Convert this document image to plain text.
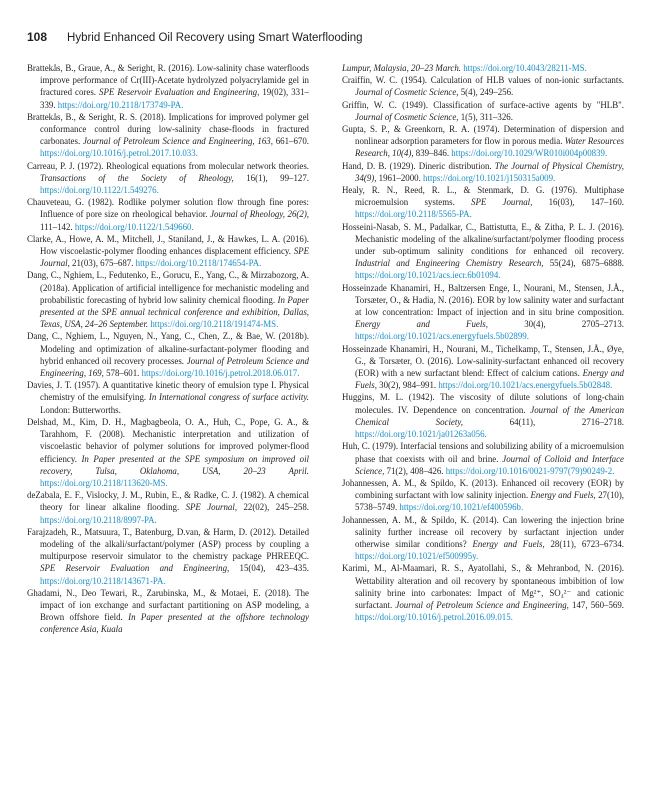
108 Hybrid Enhanced Oil Recovery using Smart Waterflooding

Brattekås, B., Graue, A., & Seright, R. (2016). Low-salinity chase waterfloods improve performance of Cr(III)-Acetate hydrolyzed polyacrylamide gel in fractured cores. SPE Reservoir Evaluation and Engineering, 19(02), 331–339. https://doi.org/10.2118/173749-PA.

Brattekås, B., & Seright, R. S. (2018). Implications for improved polymer gel conformance control during low-salinity chase-floods in fractured carbonates. Journal of Petroleum Science and Engineering, 163, 661–670. https://doi.org/10.1016/j.petrol.2017.10.033.

Carreau, P. J. (1972). Rheological equations from molecular network theories. Transactions of the Society of Rheology, 16(1), 99–127. https://doi.org/10.1122/1.549276.

Chauveteau, G. (1982). Rodlike polymer solution flow through fine pores: Influence of pore size on rheological behavior. Journal of Rheology, 26(2), 111–142. https://doi.org/10.1122/1.549660.

Clarke, A., Howe, A. M., Mitchell, J., Staniland, J., & Hawkes, L. A. (2016). How viscoelastic-polymer flooding enhances displacement efficiency. SPE Journal, 21(03), 675–687. https://doi.org/10.2118/174654-PA.

Dang, C., Nghiem, L., Fedutenko, E., Gorucu, E., Yang, C., & Mirzabozorg, A. (2018a). Application of artificial intelligence for mechanistic modeling and probabilistic forecasting of hybrid low salinity chemical flooding. In Paper presented at the SPE annual technical conference and exhibition, Dallas, Texas, USA, 24–26 September. https://doi.org/10.2118/191474-MS.

Dang, C., Nghiem, L., Nguyen, N., Yang, C., Chen, Z., & Bae, W. (2018b). Modeling and optimization of alkaline-surfactant-polymer flooding and hybrid enhanced oil recovery processes. Journal of Petroleum Science and Engineering, 169, 578–601. https://doi.org/10.1016/j.petrol.2018.06.017.

Davies, J. T. (1957). A quantitative kinetic theory of emulsion type I. Physical chemistry of the emulsifying. In International congress of surface activity. London: Butterworths.

Delshad, M., Kim, D. H., Magbagbeola, O. A., Huh, C., Pope, G. A., & Tarahhom, F. (2008). Mechanistic interpretation and utilization of viscoelastic behavior of polymer solutions for improved polymer-flood efficiency. In Paper presented at the SPE symposium on improved oil recovery, Tulsa, Oklahoma, USA, 20–23 April. https://doi.org/10.2118/113620-MS.

deZabala, E. F., Vislocky, J. M., Rubin, E., & Radke, C. J. (1982). A chemical theory for linear alkaline flooding. SPE Journal, 22(02), 245–258. https://doi.org/10.2118/8997-PA.

Farajzadeh, R., Matsuura, T., Batenburg, D.van, & Harm, D. (2012). Detailed modeling of the alkali/surfactant/polymer (ASP) process by coupling a multipurpose reservoir simulator to the chemistry package PHREEQC. SPE Reservoir Evaluation and Engineering, 15(04), 423–435. https://doi.org/10.2118/143671-PA.

Ghadami, N., Deo Tewari, R., Zarubinska, M., & Motaei, E. (2018). The impact of ion exchange and surfactant partitioning on ASP modeling, a Brown offshore field. In Paper presented at the offshore technology conference Asia, Kuala

Lumpur, Malaysia, 20–23 March. https://doi.org/10.4043/28211-MS.

Craiffin, W. C. (1954). Calculation of HLB values of non-ionic surfactants. Journal of Cosmetic Science, 5(4), 249–256.

Griffin, W. C. (1949). Classification of surface-active agents by "HLB". Journal of Cosmetic Science, 1(5), 311–326.

Gupta, S. P., & Greenkorn, R. A. (1974). Determination of dispersion and nonlinear adsorption parameters for flow in porous media. Water Resources Research, 10(4), 839–846. https://doi.org/10.1029/WR010i004p00839.

Hand, D. B. (1929). Dineric distribution. The Journal of Physical Chemistry, 34(9), 1961–2000. https://doi.org/10.1021/j150315a009.

Healy, R. N., Reed, R. L., & Stenmark, D. G. (1976). Multiphase microemulsion systems. SPE Journal, 16(03), 147–160. https://doi.org/10.2118/5565-PA.

Hosseini-Nasab, S. M., Padalkar, C., Battistutta, E., & Zitha, P. L. J. (2016). Mechanistic modeling of the alkaline/surfactant/polymer flooding process under sub-optimum salinity conditions for enhanced oil recovery. Industrial and Engineering Chemistry Research, 55(24), 6875–6888. https://doi.org/10.1021/acs.iecr.6b01094.

Hosseinzade Khanamiri, H., Baltzersen Enge, I., Nourani, M., Stensen, J.Å., Torsæter, O., & Hadia, N. (2016). EOR by low salinity water and surfactant at low concentration: Impact of injection and in situ brine composition. Energy and Fuels,	30(4), 2705–2713. https://doi.org/10.1021/acs.energyfuels.5b02899.

Hosseinzade Khanamiri, H., Nourani, M., Tichelkamp, T., Stensen, J.Å., Øye, G., & Torsæter, O. (2016). Low-salinity-surfactant enhanced oil recovery (EOR) with a new surfactant blend: Effect of calcium cations. Energy and Fuels, 30(2), 984–991. https://doi.org/10.1021/acs.energyfuels.5b02848.

Huggins, M. L. (1942). The viscosity of dilute solutions of long-chain molecules. IV. Dependence on concentration. Journal of the American Chemical Society,	64(11), 2716–2718. https://doi.org/10.1021/ja01263a056.

Huh, C. (1979). Interfacial tensions and solubilizing ability of a microemulsion phase that coexists with oil and brine. Journal of Colloid and Interface Science, 71(2), 408–426. https://doi.org/10.1016/0021-9797(79)90249-2.

Johannessen, A. M., & Spildo, K. (2013). Enhanced oil recovery (EOR) by combining surfactant with low salinity injection. Energy and Fuels, 27(10), 5738–5749. https://doi.org/10.1021/ef400596b.

Johannessen, A. M., & Spildo, K. (2014). Can lowering the injection brine salinity further increase oil recovery by surfactant injection under otherwise similar conditions? Energy and Fuels, 28(11), 6723–6734. https://doi.org/10.1021/ef500995y.

Karimi, M., Al-Maamari, R. S., Ayatollahi, S., & Mehranbod, N. (2016). Wettability alteration and oil recovery by spontaneous imbibition of low salinity brine into carbonates: Impact of Mg²⁺, SO₄²⁻ and cationic surfactant. Journal of Petroleum Science and Engineering, 147, 560–569. https://doi.org/10.1016/j.petrol.2016.09.015.
